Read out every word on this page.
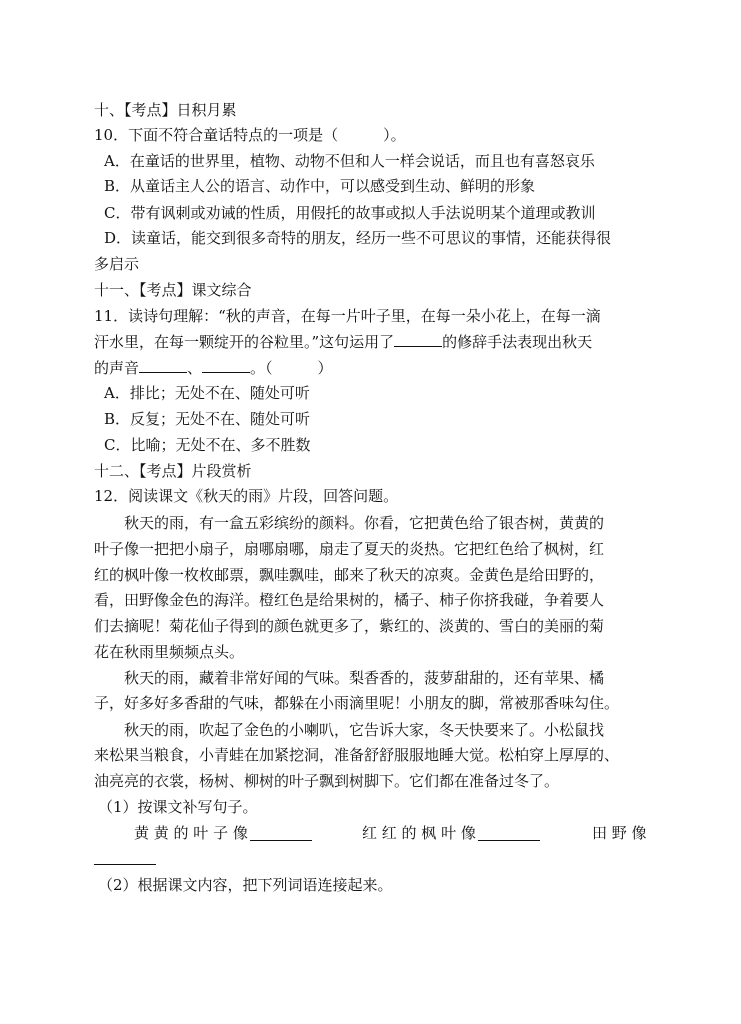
十、【考点】日积月累
10．下面不符合童话特点的一项是（　　　）。
A．在童话的世界里，植物、动物不但和人一样会说话，而且也有喜怒哀乐
B．从童话主人公的语言、动作中，可以感受到生动、鲜明的形象
C．带有讽刺或劝诫的性质，用假托的故事或拟人手法说明某个道理或教训
D．读童话，能交到很多奇特的朋友，经历一些不可思议的事情，还能获得很
多启示
十一、【考点】课文综合
11．读诗句理解：“秋的声音，在每一片叶子里，在每一朵小花上，在每一滴
汗水里，在每一颗绽开的谷粒里。”这句运用了	的修辞手法表现出秋天
的声音	、	。（　　　）
A．排比；无处不在、随处可听
B．反复；无处不在、随处可听
C．比喻；无处不在、多不胜数
十二、【考点】片段赏析
12．阅读课文《秋天的雨》片段，回答问题。
秋天的雨，有一盒五彩缤纷的颜料。你看，它把黄色给了银杏树，黄黄的
叶子像一把把小扇子，扇哪扇哪，扇走了夏天的炎热。它把红色给了枫树，红
红的枫叶像一枚枚邮票，飘哇飘哇，邮来了秋天的凉爽。金黄色是给田野的，
看，田野像金色的海洋。橙红色是给果树的，橘子、柿子你挤我碰，争着要人
们去摘呢！菊花仙子得到的颜色就更多了，紫红的、淡黄的、雪白的美丽的菊
花在秋雨里频频点头。
秋天的雨，藏着非常好闻的气味。梨香香的，菠萝甜甜的，还有苹果、橘
子，好多好多香甜的气味，都躲在小雨滴里呢！小朋友的脚，常被那香味勾住。
秋天的雨，吹起了金色的小喇叭，它告诉大家，冬天快要来了。小松鼠找
来松果当粮食，小青蛙在加紧挖洞，准备舒舒服服地睡大觉。松柏穿上厚厚的、
油亮亮的衣裳，杨树、柳树的叶子飘到树脚下。它们都在准备过冬了。
（1）按课文补写句子。
黄 黄 的 叶 子 像	红 红 的 枫 叶 像	田 野 像
（2）根据课文内容，把下列词语连接起来。
